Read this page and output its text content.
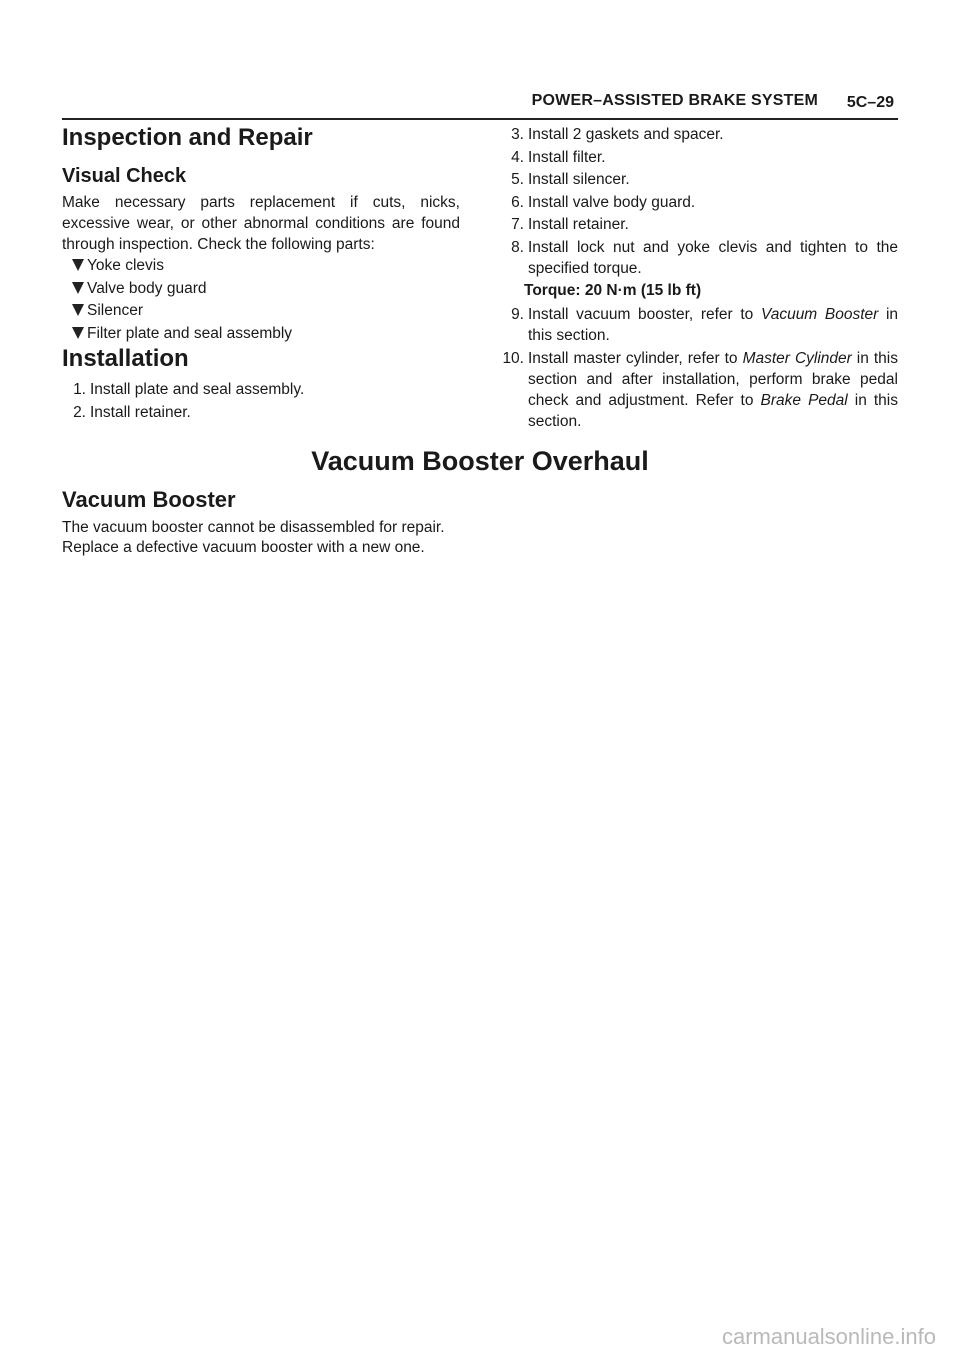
POWER–ASSISTED BRAKE SYSTEM 5C–29
Inspection and Repair
Visual Check

Make necessary parts replacement if cuts, nicks, excessive wear, or other abnormal conditions are found through inspection. Check the following parts:

Yoke clevis
Valve body guard
Silencer
Filter plate and seal assembly
Installation
1. Install plate and seal assembly.
2. Install retainer.
3. Install 2 gaskets and spacer.
4. Install filter.
5. Install silencer.
6. Install valve body guard.
7. Install retainer.
8. Install lock nut and yoke clevis and tighten to the specified torque.
Torque: 20 N·m (15 lb ft)
9. Install vacuum booster, refer to Vacuum Booster in this section.
10. Install master cylinder, refer to Master Cylinder in this section and after installation, perform brake pedal check and adjustment. Refer to Brake Pedal in this section.
Vacuum Booster Overhaul
Vacuum Booster

The vacuum booster cannot be disassembled for repair. Replace a defective vacuum booster with a new one.

carmanualsonline.info
